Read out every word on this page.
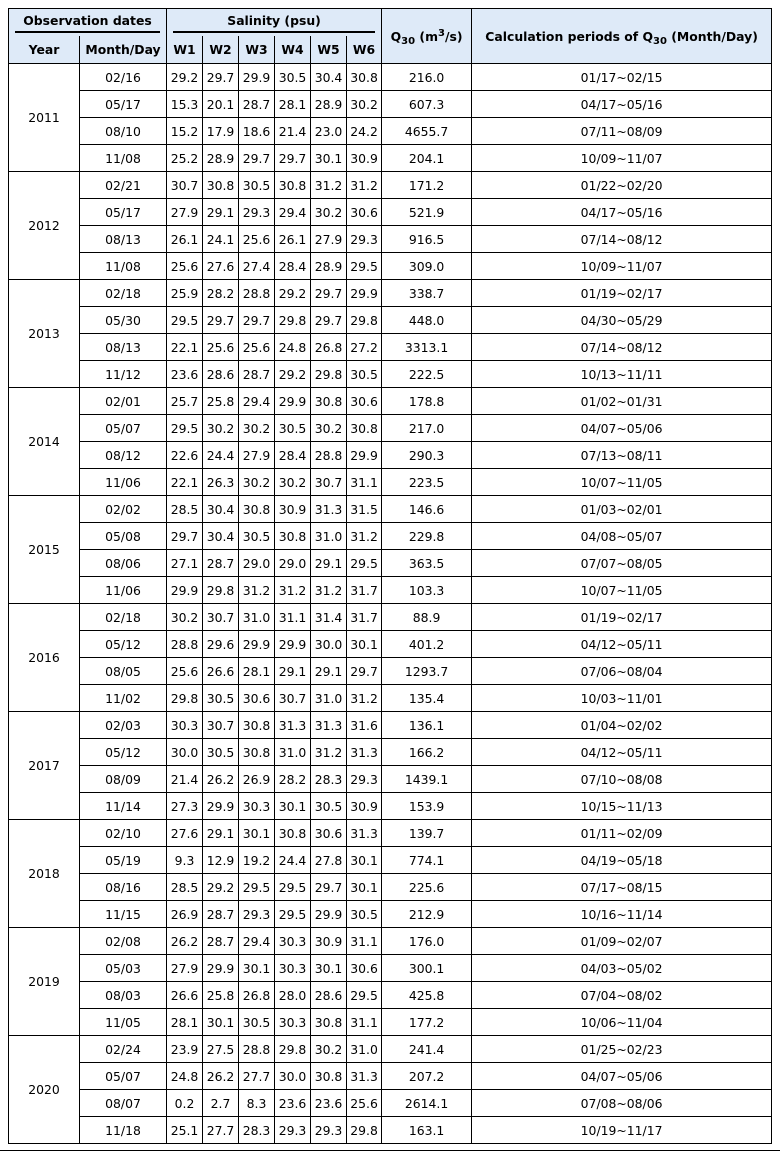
Observation dates		Salinity (psu)						$Q_{30}$ $(m^3/s)$	Calculation periods of $Q_{30}$ (Month/Day)
Year	Month/Day	W1	W2	W3	W4	W5	W6		
2011	02/16	29.2	29.7	29.9	30.5	30.4	30.8	216.0	01/17~02/15
	05/17	15.3	20.1	28.7	28.1	28.9	30.2	607.3	04/17~05/16
	08/10	15.2	17.9	18.6	21.4	23.0	24.2	4655.7	07/11~08/09
	11/08	25.2	28.9	29.7	29.7	30.1	30.9	204.1	10/09~11/07
2012	02/21	30.7	30.8	30.5	30.8	31.2	31.2	171.2	01/22~02/20
	05/17	27.9	29.1	29.3	29.4	30.2	30.6	521.9	04/17~05/16
	08/13	26.1	24.1	25.6	26.1	27.9	29.3	916.5	07/14~08/12
	11/08	25.6	27.6	27.4	28.4	28.9	29.5	309.0	10/09~11/07
2013	02/18	25.9	28.2	28.8	29.2	29.7	29.9	338.7	01/19~02/17
	05/30	29.5	29.7	29.7	29.8	29.7	29.8	448.0	04/30~05/29
	08/13	22.1	25.6	25.6	24.8	26.8	27.2	3313.1	07/14~08/12
	11/12	23.6	28.6	28.7	29.2	29.8	30.5	222.5	10/13~11/11
2014	02/01	25.7	25.8	29.4	29.9	30.8	30.6	178.8	01/02~01/31
	05/07	29.5	30.2	30.2	30.5	30.2	30.8	217.0	04/07~05/06
	08/12	22.6	24.4	27.9	28.4	28.8	29.9	290.3	07/13~08/11
	11/06	22.1	26.3	30.2	30.2	30.7	31.1	223.5	10/07~11/05
2015	02/02	28.5	30.4	30.8	30.9	31.3	31.5	146.6	01/03~02/01
	05/08	29.7	30.4	30.5	30.8	31.0	31.2	229.8	04/08~05/07
	08/06	27.1	28.7	29.0	29.0	29.1	29.5	363.5	07/07~08/05
	11/06	29.9	29.8	31.2	31.2	31.2	31.7	103.3	10/07~11/05
2016	02/18	30.2	30.7	31.0	31.1	31.4	31.7	88.9	01/19~02/17
	05/12	28.8	29.6	29.9	29.9	30.0	30.1	401.2	04/12~05/11
	08/05	25.6	26.6	28.1	29.1	29.1	29.7	1293.7	07/06~08/04
	11/02	29.8	30.5	30.6	30.7	31.0	31.2	135.4	10/03~11/01
2017	02/03	30.3	30.7	30.8	31.3	31.3	31.6	136.1	01/04~02/02
	05/12	30.0	30.5	30.8	31.0	31.2	31.3	166.2	04/12~05/11
	08/09	21.4	26.2	26.9	28.2	28.3	29.3	1439.1	07/10~08/08
	11/14	27.3	29.9	30.3	30.1	30.5	30.9	153.9	10/15~11/13
2018	02/10	27.6	29.1	30.1	30.8	30.6	31.3	139.7	01/11~02/09
	05/19	9.3	12.9	19.2	24.4	27.8	30.1	774.1	04/19~05/18
	08/16	28.5	29.2	29.5	29.5	29.7	30.1	225.6	07/17~08/15
	11/15	26.9	28.7	29.3	29.5	29.9	30.5	212.9	10/16~11/14
2019	02/08	26.2	28.7	29.4	30.3	30.9	31.1	176.0	01/09~02/07
	05/03	27.9	29.9	30.1	30.3	30.1	30.6	300.1	04/03~05/02
	08/03	26.6	25.8	26.8	28.0	28.6	29.5	425.8	07/04~08/02
	11/05	28.1	30.1	30.5	30.3	30.8	31.1	177.2	10/06~11/04
2020	02/24	23.9	27.5	28.8	29.8	30.2	31.0	241.4	01/25~02/23
	05/07	24.8	26.2	27.7	30.0	30.8	31.3	207.2	04/07~05/06
	08/07	0.2	2.7	8.3	23.6	23.6	25.6	2614.1	07/08~08/06
	11/18	25.1	27.7	28.3	29.3	29.3	29.8	163.1	10/19~11/17
